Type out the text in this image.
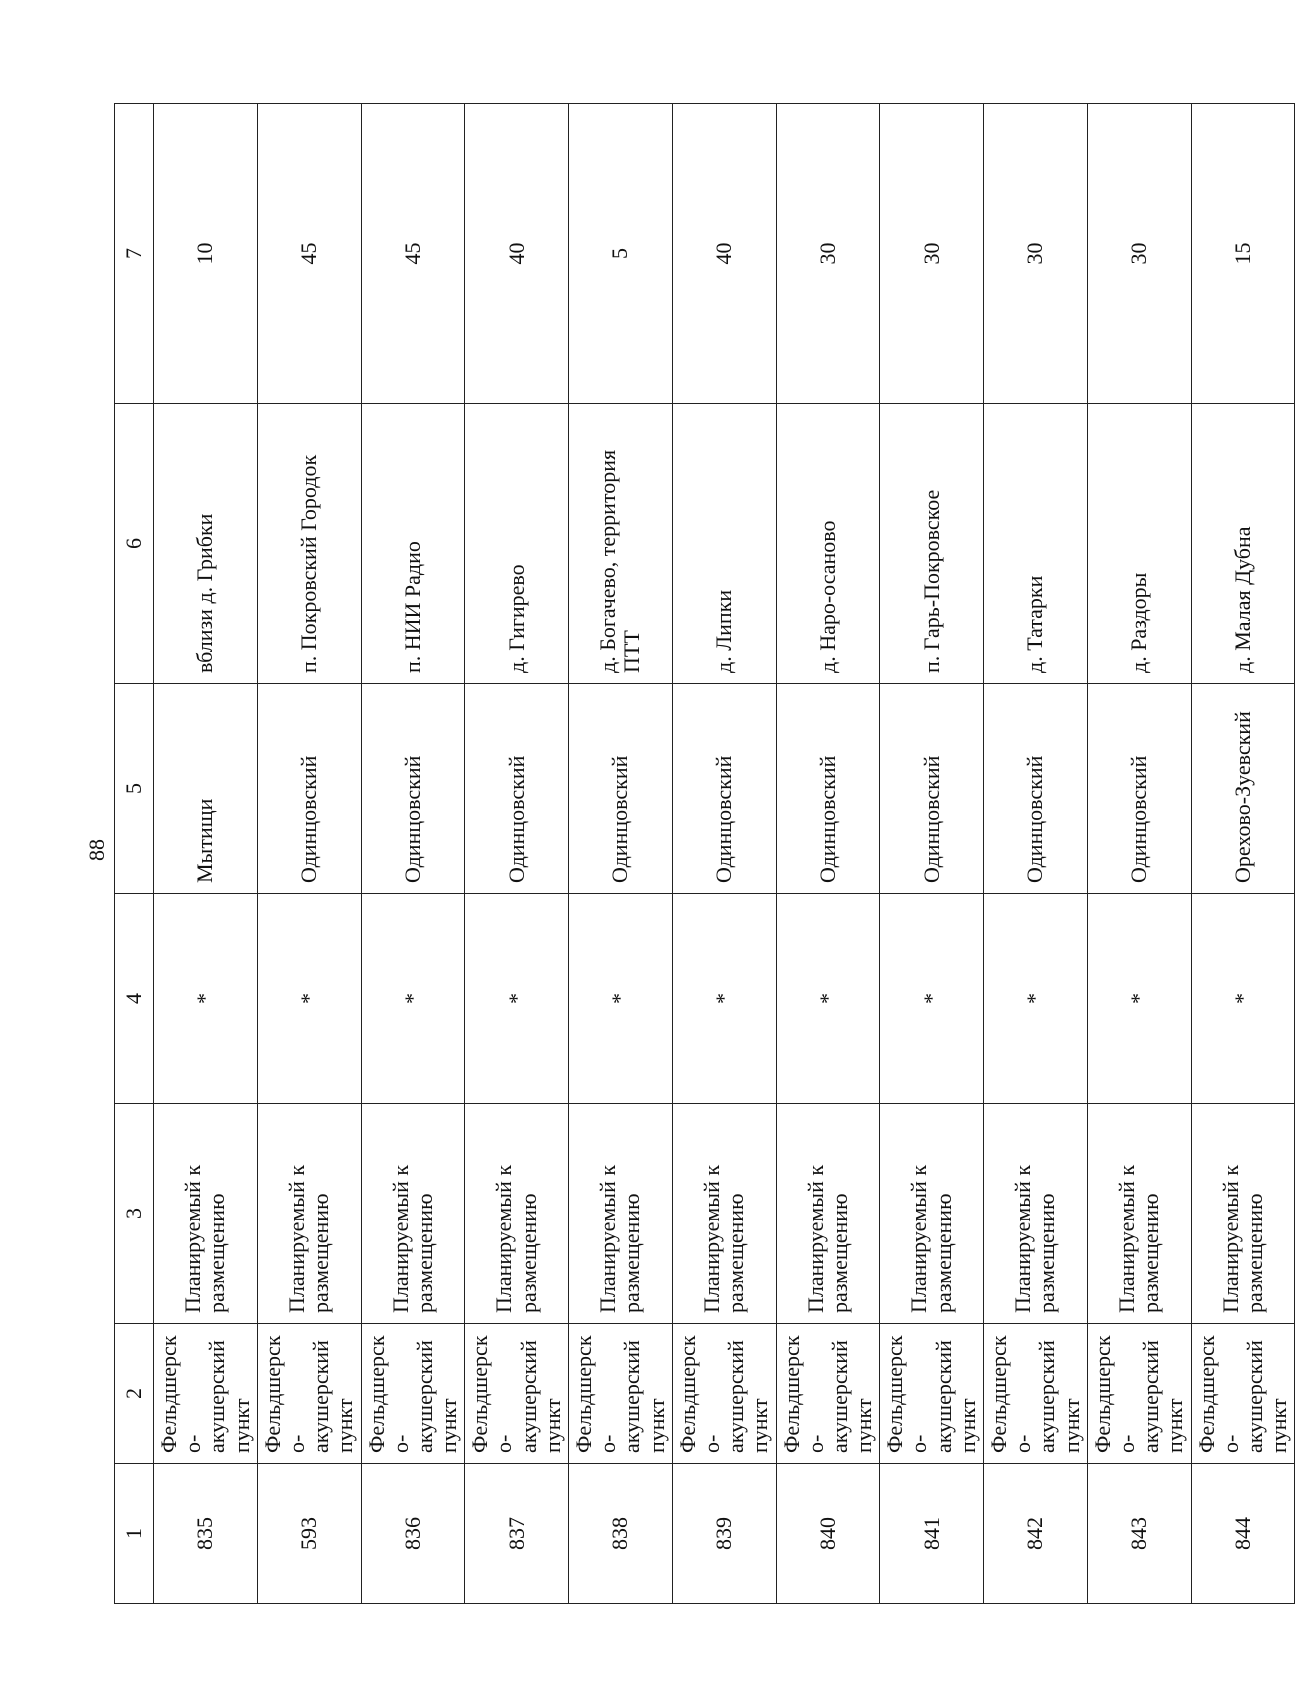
88
1	2	3	4	5	6	7
835	Фельдшерско-акушерский пункт	Планируемый к размещению	*	Мытищи	вблизи д. Грибки	10
593	Фельдшерско-акушерский пункт	Планируемый к размещению	*	Одинцовский	п. Покровский Городок	45
836	Фельдшерско-акушерский пункт	Планируемый к размещению	*	Одинцовский	п. НИИ Радио	45
837	Фельдшерско-акушерский пункт	Планируемый к размещению	*	Одинцовский	д. Гигирево	40
838	Фельдшерско-акушерский пункт	Планируемый к размещению	*	Одинцовский	д. Богачево, территория ПТТ	5
839	Фельдшерско-акушерский пункт	Планируемый к размещению	*	Одинцовский	д. Липки	40
840	Фельдшерско-акушерский пункт	Планируемый к размещению	*	Одинцовский	д. Наро-осаново	30
841	Фельдшерско-акушерский пункт	Планируемый к размещению	*	Одинцовский	п. Гарь-Покровское	30
842	Фельдшерско-акушерский пункт	Планируемый к размещению	*	Одинцовский	д. Татарки	30
843	Фельдшерско-акушерский пункт	Планируемый к размещению	*	Одинцовский	д. Раздоры	30
844	Фельдшерско-акушерский пункт	Планируемый к размещению	*	Орехово-Зуевский	д. Малая Дубна	15
